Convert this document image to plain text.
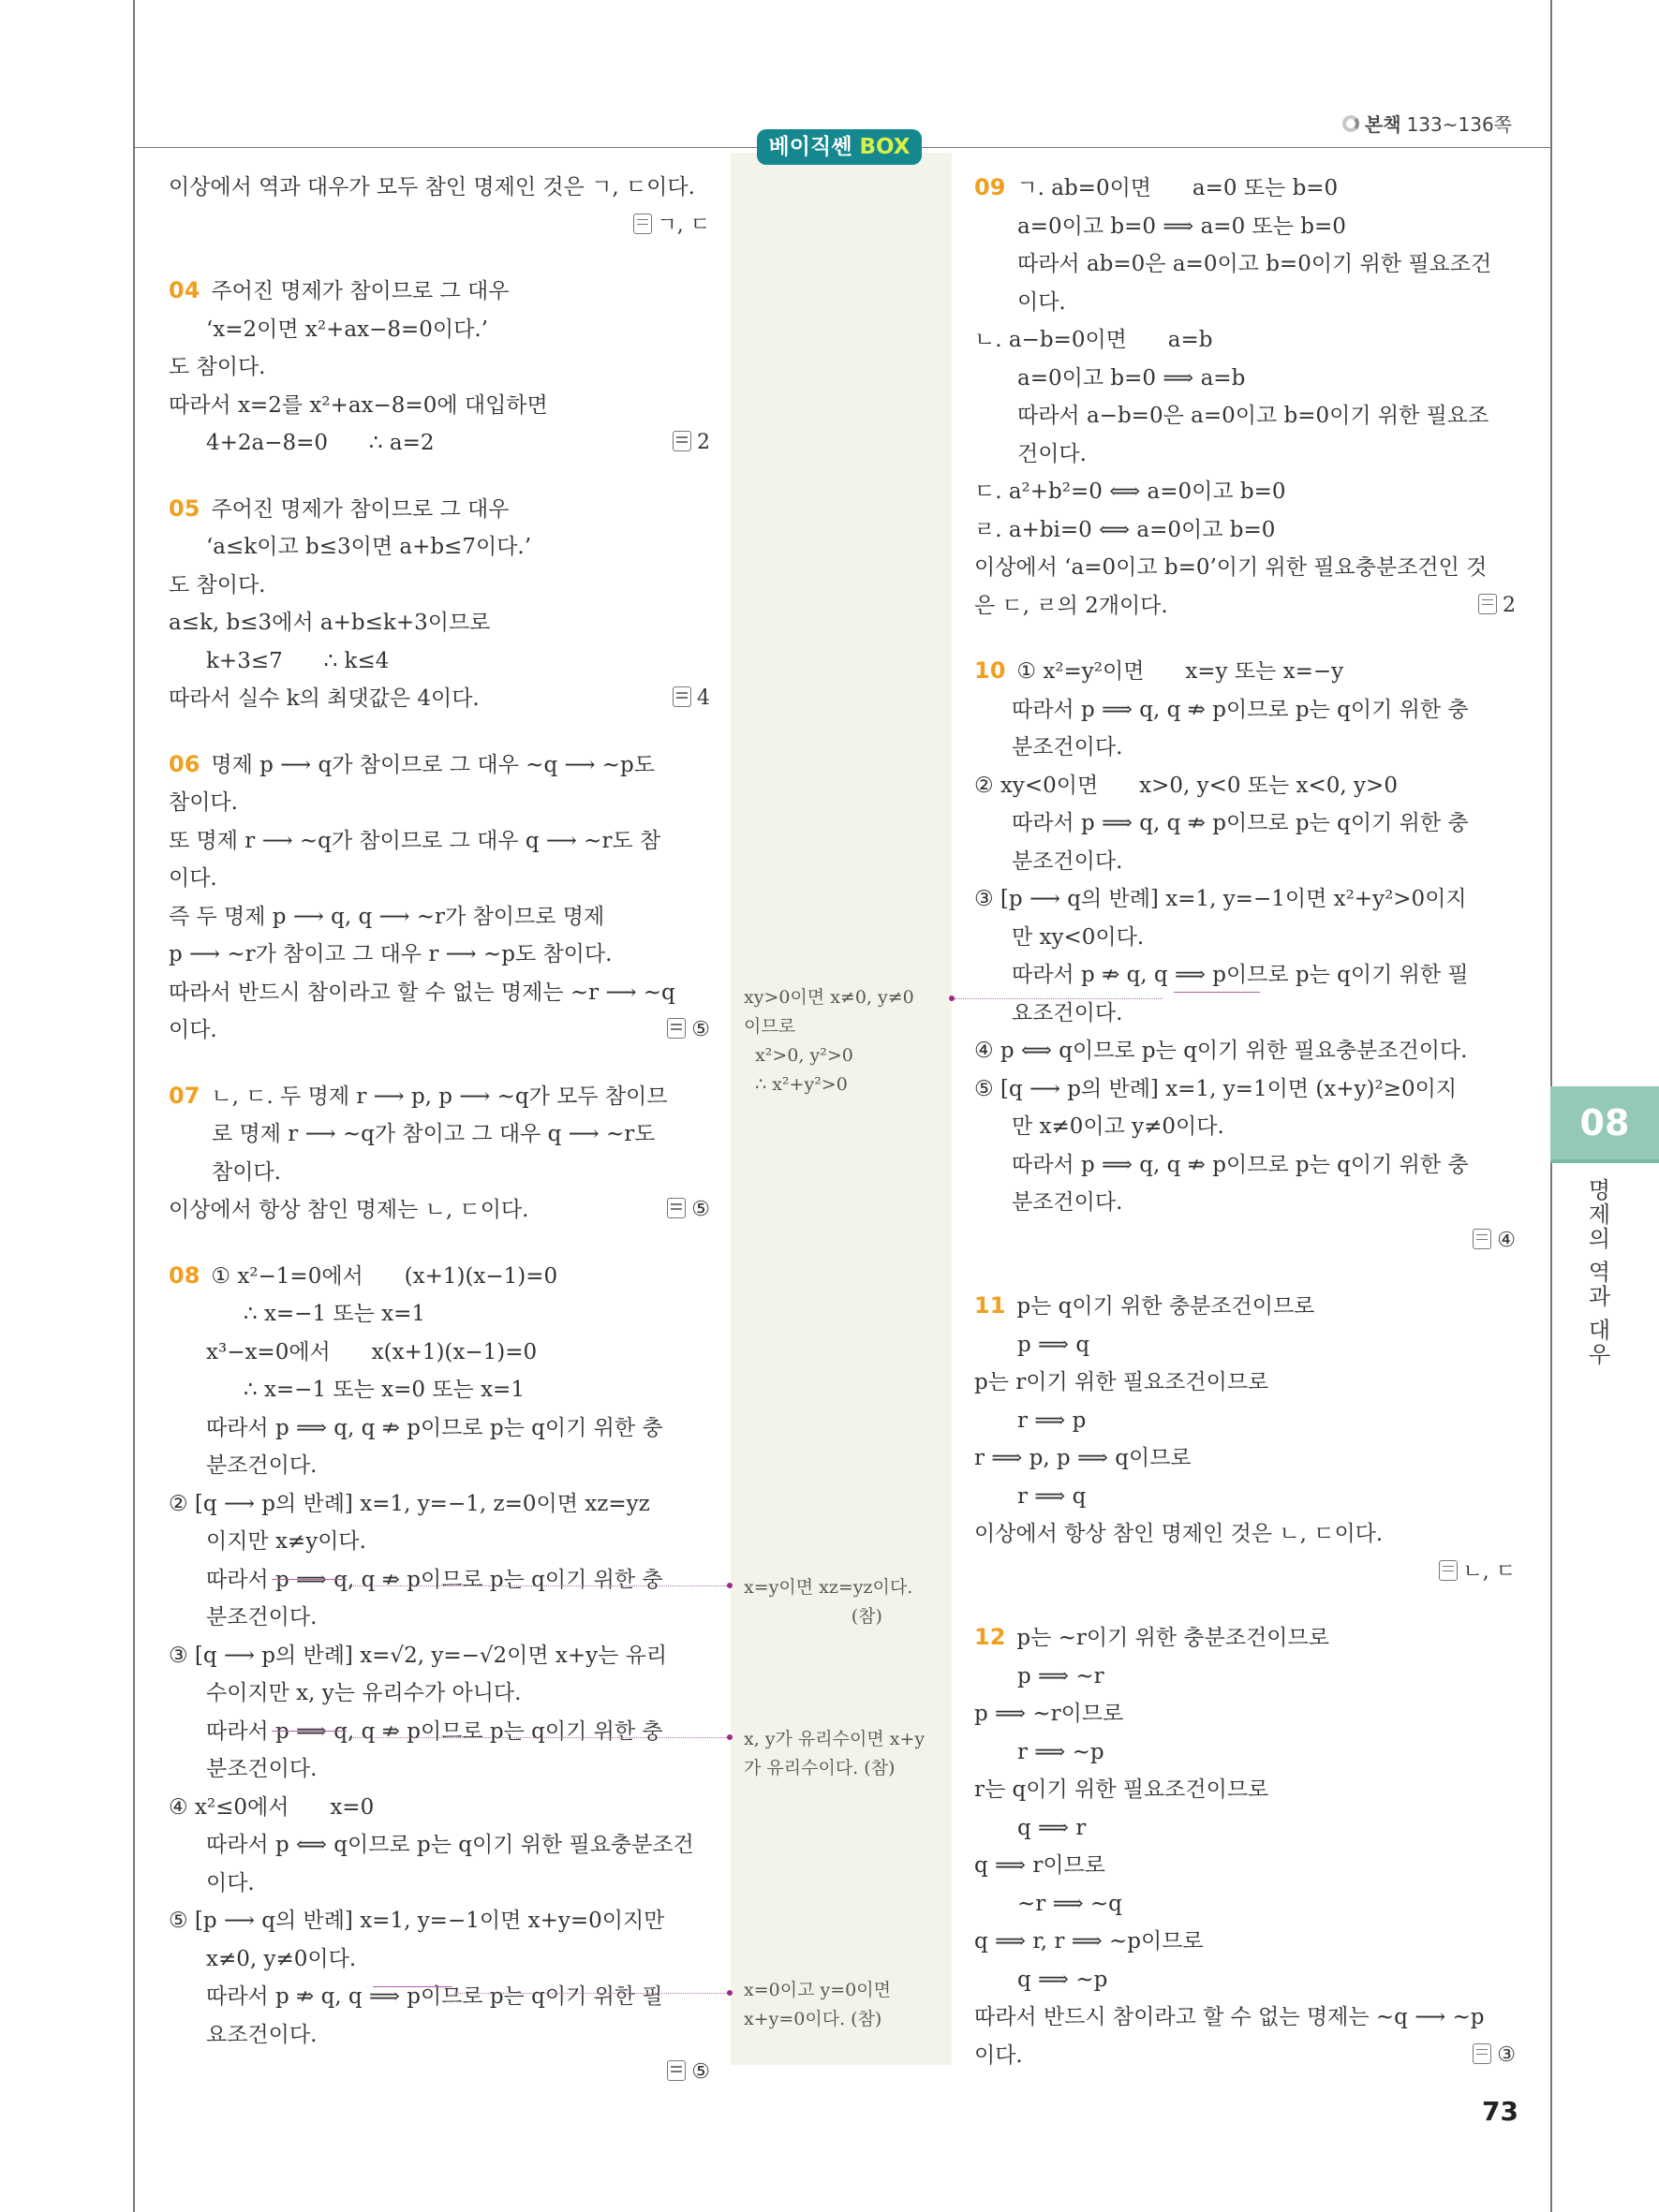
본책 133~136쪽
베이직쎈 BOX
이상에서 역과 대우가 모두 참인 명제인 것은 ㄱ, ㄷ이다.
ㄱ, ㄷ
04 주어진 명제가 참이므로 그 대우
‘x=2이면 x²+ax−8=0이다.’
도 참이다.
따라서 x=2를 x²+ax−8=0에 대입하면
4+2a−8=0      ∴ a=2	2
05 주어진 명제가 참이므로 그 대우
‘a≤k이고 b≤3이면 a+b≤7이다.’
도 참이다.
a≤k, b≤3에서 a+b≤k+3이므로
k+3≤7      ∴ k≤4
따라서 실수 k의 최댓값은 4이다.	4
06 명제 p ⟶ q가 참이므로 그 대우 ~q ⟶ ~p도
참이다.
또 명제 r ⟶ ~q가 참이므로 그 대우 q ⟶ ~r도 참
이다.
즉 두 명제 p ⟶ q, q ⟶ ~r가 참이므로 명제
p ⟶ ~r가 참이고 그 대우 r ⟶ ~p도 참이다.
따라서 반드시 참이라고 할 수 없는 명제는 ~r ⟶ ~q
이다.	⑤
07 ㄴ, ㄷ. 두 명제 r ⟶ p, p ⟶ ~q가 모두 참이므
로 명제 r ⟶ ~q가 참이고 그 대우 q ⟶ ~r도
참이다.
이상에서 항상 참인 명제는 ㄴ, ㄷ이다.	⑤
08 ① x²−1=0에서      (x+1)(x−1)=0
∴ x=−1 또는 x=1
x³−x=0에서      x(x+1)(x−1)=0
∴ x=−1 또는 x=0 또는 x=1
따라서 p ⟹ q, q ⇏ p이므로 p는 q이기 위한 충
분조건이다.
② [q ⟶ p의 반례] x=1, y=−1, z=0이면 xz=yz
이지만 x≠y이다.
따라서 p ⟹ q, q ⇏ p이므로 p는 q이기 위한 충
분조건이다.
③ [q ⟶ p의 반례] x=√2, y=−√2이면 x+y는 유리
수이지만 x, y는 유리수가 아니다.
따라서 p ⟹ q, q ⇏ p이므로 p는 q이기 위한 충
분조건이다.
④ x²≤0에서      x=0
따라서 p ⟺ q이므로 p는 q이기 위한 필요충분조건
이다.
⑤ [p ⟶ q의 반례] x=1, y=−1이면 x+y=0이지만
x≠0, y≠0이다.
따라서 p ⇏ q, q ⟹ p이므로 p는 q이기 위한 필
요조건이다.
⑤
09 ㄱ. ab=0이면      a=0 또는 b=0
a=0이고 b=0 ⟹ a=0 또는 b=0
따라서 ab=0은 a=0이고 b=0이기 위한 필요조건
이다.
ㄴ. a−b=0이면      a=b
a=0이고 b=0 ⟹ a=b
따라서 a−b=0은 a=0이고 b=0이기 위한 필요조
건이다.
ㄷ. a²+b²=0 ⟺ a=0이고 b=0
ㄹ. a+bi=0 ⟺ a=0이고 b=0
이상에서 ‘a=0이고 b=0’이기 위한 필요충분조건인 것
은 ㄷ, ㄹ의 2개이다.	2
10 ① x²=y²이면      x=y 또는 x=−y
따라서 p ⟹ q, q ⇏ p이므로 p는 q이기 위한 충
분조건이다.
② xy<0이면      x>0, y<0 또는 x<0, y>0
따라서 p ⟹ q, q ⇏ p이므로 p는 q이기 위한 충
분조건이다.
③ [p ⟶ q의 반례] x=1, y=−1이면 x²+y²>0이지
만 xy<0이다.
따라서 p ⇏ q, q ⟹ p이므로 p는 q이기 위한 필
요조건이다.
④ p ⟺ q이므로 p는 q이기 위한 필요충분조건이다.
⑤ [q ⟶ p의 반례] x=1, y=1이면 (x+y)²≥0이지
만 x≠0이고 y≠0이다.
따라서 p ⟹ q, q ⇏ p이므로 p는 q이기 위한 충
분조건이다.
④
11 p는 q이기 위한 충분조건이므로
p ⟹ q
p는 r이기 위한 필요조건이므로
r ⟹ p
r ⟹ p, p ⟹ q이므로
r ⟹ q
이상에서 항상 참인 명제인 것은 ㄴ, ㄷ이다.
ㄴ, ㄷ
12 p는 ~r이기 위한 충분조건이므로
p ⟹ ~r
p ⟹ ~r이므로
r ⟹ ~p
r는 q이기 위한 필요조건이므로
q ⟹ r
q ⟹ r이므로
~r ⟹ ~q
q ⟹ r, r ⟹ ~p이므로
q ⟹ ~p
따라서 반드시 참이라고 할 수 없는 명제는 ~q ⟶ ~p
이다.	③
xy>0이면 x≠0, y≠0
이므로
x²>0, y²>0
∴ x²+y²>0
x=y이면 xz=yz이다.
(참)
x, y가 유리수이면 x+y
가 유리수이다. (참)
x=0이고 y=0이면
x+y=0이다. (참)
08
명제의 역과 대우
73
